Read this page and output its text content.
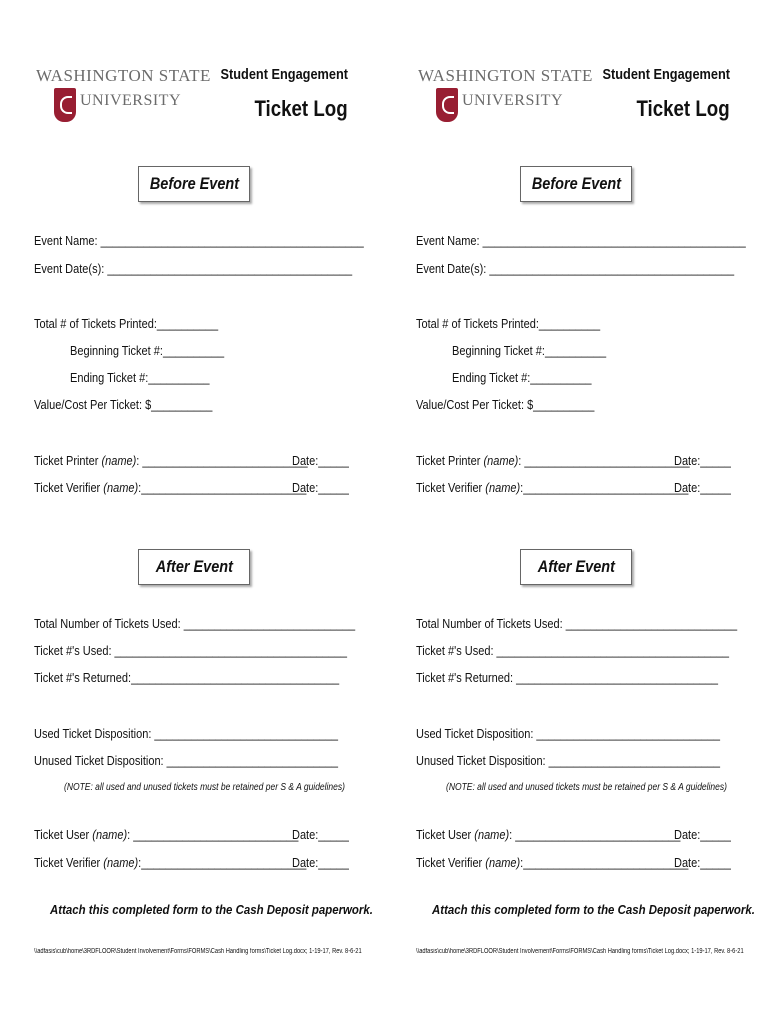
WASHINGTON STATE
UNIVERSITY
Student Engagement
Ticket Log
Before Event
Event Name: ___________________________________________
Event Date(s): ________________________________________
Total # of Tickets Printed:__________
Beginning Ticket #:__________
Ending Ticket #:__________
Value/Cost Per Ticket: $__________
Ticket Printer (name): ___________________________
Date:_____
Ticket Verifier (name):___________________________
Date:_____
After Event
Total Number of Tickets Used: ____________________________
Ticket #'s Used: ______________________________________
Ticket #'s Returned:__________________________________
Used Ticket Disposition: ______________________________
Unused Ticket Disposition: ____________________________
(NOTE: all used and unused tickets must be retained per S & A guidelines)
Ticket User (name): ___________________________
Date:_____
Ticket Verifier (name):___________________________
Date:_____
Attach this completed form to the Cash Deposit paperwork.
\\adfasis\cub\home\3RDFLOOR\Student Involvement\Forms\FORMS\Cash Handling forms\Ticket Log.docx; 1-19-17, Rev. 8-6-21
WASHINGTON STATE
UNIVERSITY
Student Engagement
Ticket Log
Before Event
Event Name: ___________________________________________
Event Date(s): ________________________________________
Total # of Tickets Printed:__________
Beginning Ticket #:__________
Ending Ticket #:__________
Value/Cost Per Ticket: $__________
Ticket Printer (name): ___________________________
Date:_____
Ticket Verifier (name):___________________________
Date:_____
After Event
Total Number of Tickets Used: ____________________________
Ticket #'s Used: ______________________________________
Ticket #'s Returned: _________________________________
Used Ticket Disposition: ______________________________
Unused Ticket Disposition: ____________________________
(NOTE: all used and unused tickets must be retained per S & A guidelines)
Ticket User (name): ___________________________
Date:_____
Ticket Verifier (name):___________________________
Date:_____
Attach this completed form to the Cash Deposit paperwork.
\\adfasis\cub\home\3RDFLOOR\Student Involvement\Forms\FORMS\Cash Handling forms\Ticket Log.docx; 1-19-17, Rev. 8-6-21
